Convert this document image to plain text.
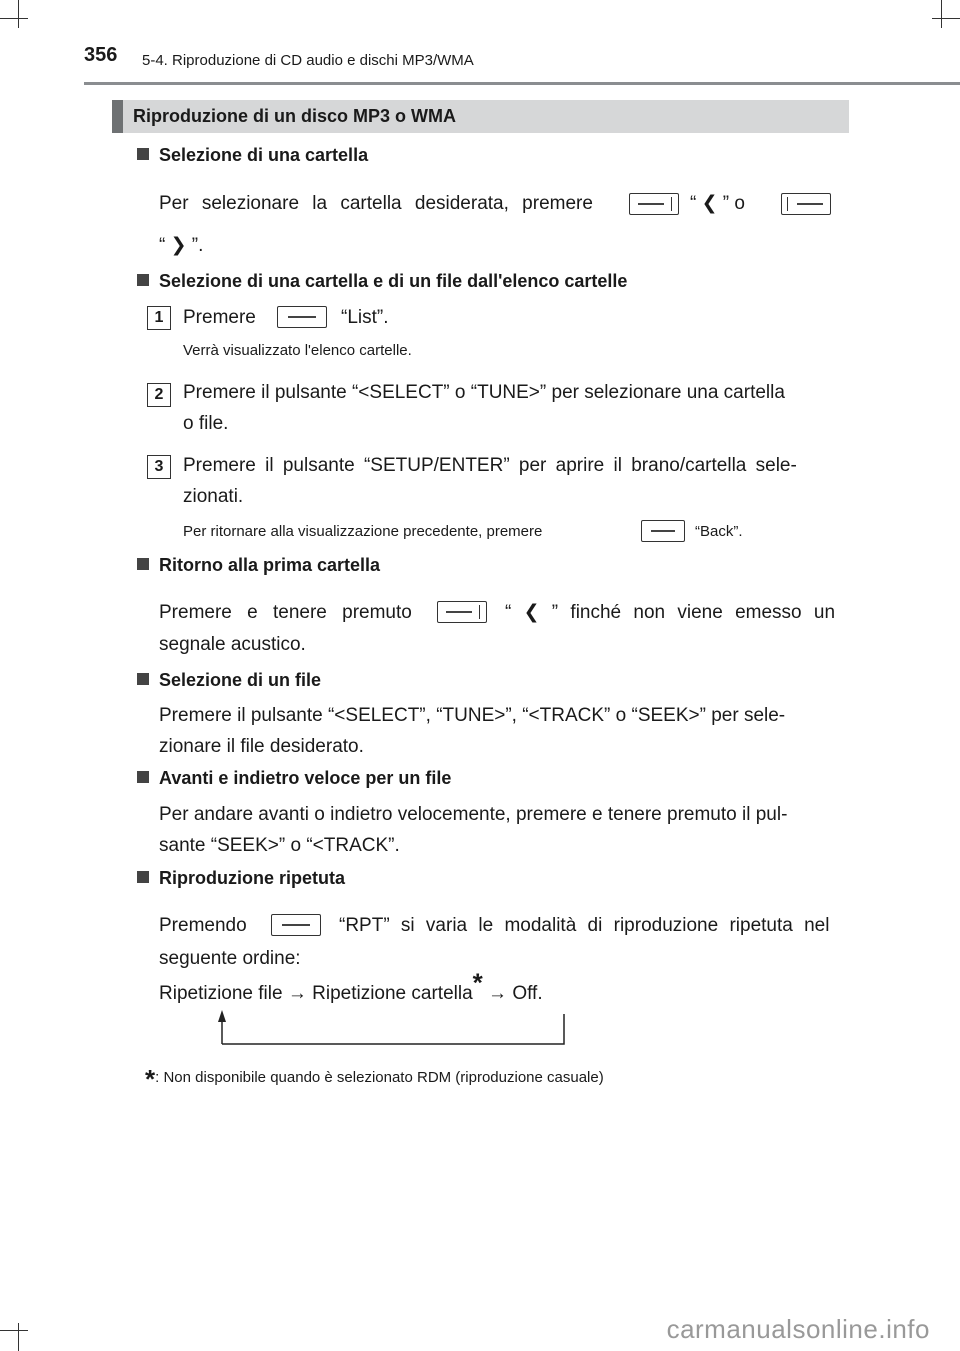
356 5-4. Riproduzione di CD audio e dischi MP3/WMA
Riproduzione di un disco MP3 o WMA
Selezione di una cartella
Per selezionare la cartella desiderata, premere	“ ❮ ” o
“ ❯ ”.
Selezione di una cartella e di un file dall'elenco cartelle
1	Premere	“List”.
Verrà visualizzato l'elenco cartelle.
2	Premere il pulsante “<SELECT” o “TUNE>” per selezionare una cartella
o file.
3	Premere il pulsante “SETUP/ENTER” per aprire il brano/cartella sele-
zionati.
Per ritornare alla visualizzazione precedente, premere	“Back”.
Ritorno alla prima cartella
Premere e tenere premuto	“ ❮ ” finché non viene emesso un
segnale acustico.
Selezione di un file
Premere il pulsante “<SELECT”, “TUNE>”, “<TRACK” o “SEEK>” per sele-
zionare il file desiderato.
Avanti e indietro veloce per un file
Per andare avanti o indietro velocemente, premere e tenere premuto il pul-
sante “SEEK>” o “<TRACK”.
Riproduzione ripetuta
Premendo	“RPT” si varia le modalità di riproduzione ripetuta nel
seguente ordine:
Ripetizione file → Ripetizione cartella* → Off.
*: Non disponibile quando è selezionato RDM (riproduzione casuale)
carmanualsonline.info
